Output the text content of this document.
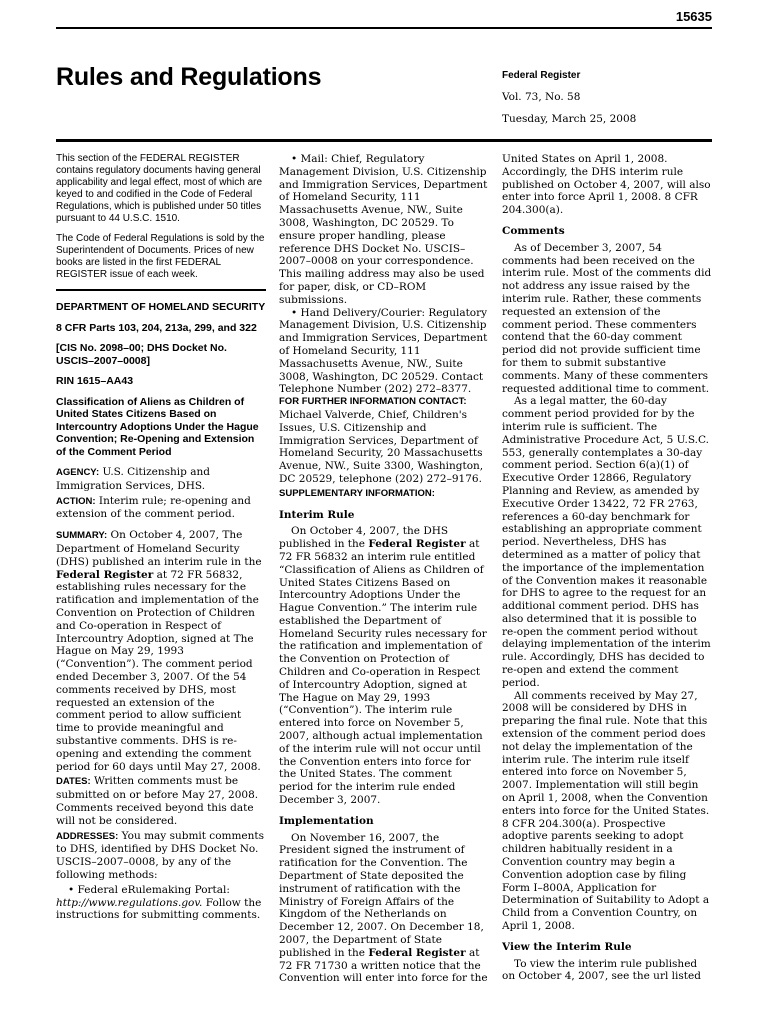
15635
Rules and Regulations	Federal Register
Vol. 73, No. 58
Tuesday, March 25, 2008

This section of the FEDERAL REGISTER contains regulatory documents having general applicability and legal effect, most of which are keyed to and codified in the Code of Federal Regulations, which is published under 50 titles pursuant to 44 U.S.C. 1510.

The Code of Federal Regulations is sold by the Superintendent of Documents. Prices of new books are listed in the first FEDERAL REGISTER issue of each week.

DEPARTMENT OF HOMELAND SECURITY
8 CFR Parts 103, 204, 213a, 299, and 322
[CIS No. 2098–00; DHS Docket No. USCIS–2007–0008]
RIN 1615–AA43
Classification of Aliens as Children of United States Citizens Based on Intercountry Adoptions Under the Hague Convention; Re-Opening and Extension of the Comment Period

AGENCY: U.S. Citizenship and Immigration Services, DHS.

ACTION: Interim rule; re-opening and extension of the comment period.

SUMMARY: On October 4, 2007, The Department of Homeland Security (DHS) published an interim rule in the Federal Register at 72 FR 56832, establishing rules necessary for the ratification and implementation of the Convention on Protection of Children and Co-operation in Respect of Intercountry Adoption, signed at The Hague on May 29, 1993 (“Convention”). The comment period ended December 3, 2007. Of the 54 comments received by DHS, most requested an extension of the comment period to allow sufficient time to provide meaningful and substantive comments. DHS is re-opening and extending the comment period for 60 days until May 27, 2008.

DATES: Written comments must be submitted on or before May 27, 2008. Comments received beyond this date will not be considered.

ADDRESSES: You may submit comments to DHS, identified by DHS Docket No. USCIS–2007–0008, by any of the following methods:

• Federal eRulemaking Portal: http://www.regulations.gov. Follow the instructions for submitting comments.

• Mail: Chief, Regulatory Management Division, U.S. Citizenship and Immigration Services, Department of Homeland Security, 111 Massachusetts Avenue, NW., Suite 3008, Washington, DC 20529. To ensure proper handling, please reference DHS Docket No. USCIS–2007–0008 on your correspondence. This mailing address may also be used for paper, disk, or CD–ROM submissions.

• Hand Delivery/Courier: Regulatory Management Division, U.S. Citizenship and Immigration Services, Department of Homeland Security, 111 Massachusetts Avenue, NW., Suite 3008, Washington, DC 20529. Contact Telephone Number (202) 272–8377.

FOR FURTHER INFORMATION CONTACT:

Michael Valverde, Chief, Children's Issues, U.S. Citizenship and Immigration Services, Department of Homeland Security, 20 Massachusetts Avenue, NW., Suite 3300, Washington, DC 20529, telephone (202) 272–9176.

SUPPLEMENTARY INFORMATION:
Interim Rule

On October 4, 2007, the DHS published in the Federal Register at 72 FR 56832 an interim rule entitled “Classification of Aliens as Children of United States Citizens Based on Intercountry Adoptions Under the Hague Convention.” The interim rule established the Department of Homeland Security rules necessary for the ratification and implementation of the Convention on Protection of Children and Co-operation in Respect of Intercountry Adoption, signed at The Hague on May 29, 1993 (“Convention”). The interim rule entered into force on November 5, 2007, although actual implementation of the interim rule will not occur until the Convention enters into force for the United States. The comment period for the interim rule ended December 3, 2007.

Implementation

On November 16, 2007, the President signed the instrument of ratification for the Convention. The Department of State deposited the instrument of ratification with the Ministry of Foreign Affairs of the Kingdom of the Netherlands on December 12, 2007. On December 18, 2007, the Department of State published in the Federal Register at 72 FR 71730 a written notice that the Convention will enter into force for the

United States on April 1, 2008. Accordingly, the DHS interim rule published on October 4, 2007, will also enter into force April 1, 2008. 8 CFR 204.300(a).

Comments

As of December 3, 2007, 54 comments had been received on the interim rule. Most of the comments did not address any issue raised by the interim rule. Rather, these comments requested an extension of the comment period. These commenters contend that the 60-day comment period did not provide sufficient time for them to submit substantive comments. Many of these commenters requested additional time to comment.

As a legal matter, the 60-day comment period provided for by the interim rule is sufficient. The Administrative Procedure Act, 5 U.S.C. 553, generally contemplates a 30-day comment period. Section 6(a)(1) of Executive Order 12866, Regulatory Planning and Review, as amended by Executive Order 13422, 72 FR 2763, references a 60-day benchmark for establishing an appropriate comment period. Nevertheless, DHS has determined as a matter of policy that the importance of the implementation of the Convention makes it reasonable for DHS to agree to the request for an additional comment period. DHS has also determined that it is possible to re-open the comment period without delaying implementation of the interim rule. Accordingly, DHS has decided to re-open and extend the comment period.

All comments received by May 27, 2008 will be considered by DHS in preparing the final rule. Note that this extension of the comment period does not delay the implementation of the interim rule. The interim rule itself entered into force on November 5, 2007. Implementation will still begin on April 1, 2008, when the Convention enters into force for the United States. 8 CFR 204.300(a). Prospective adoptive parents seeking to adopt children habitually resident in a Convention country may begin a Convention adoption case by filing Form I–800A, Application for Determination of Suitability to Adopt a Child from a Convention Country, on April 1, 2008.

View the Interim Rule

To view the interim rule published on October 4, 2007, see the url listed
